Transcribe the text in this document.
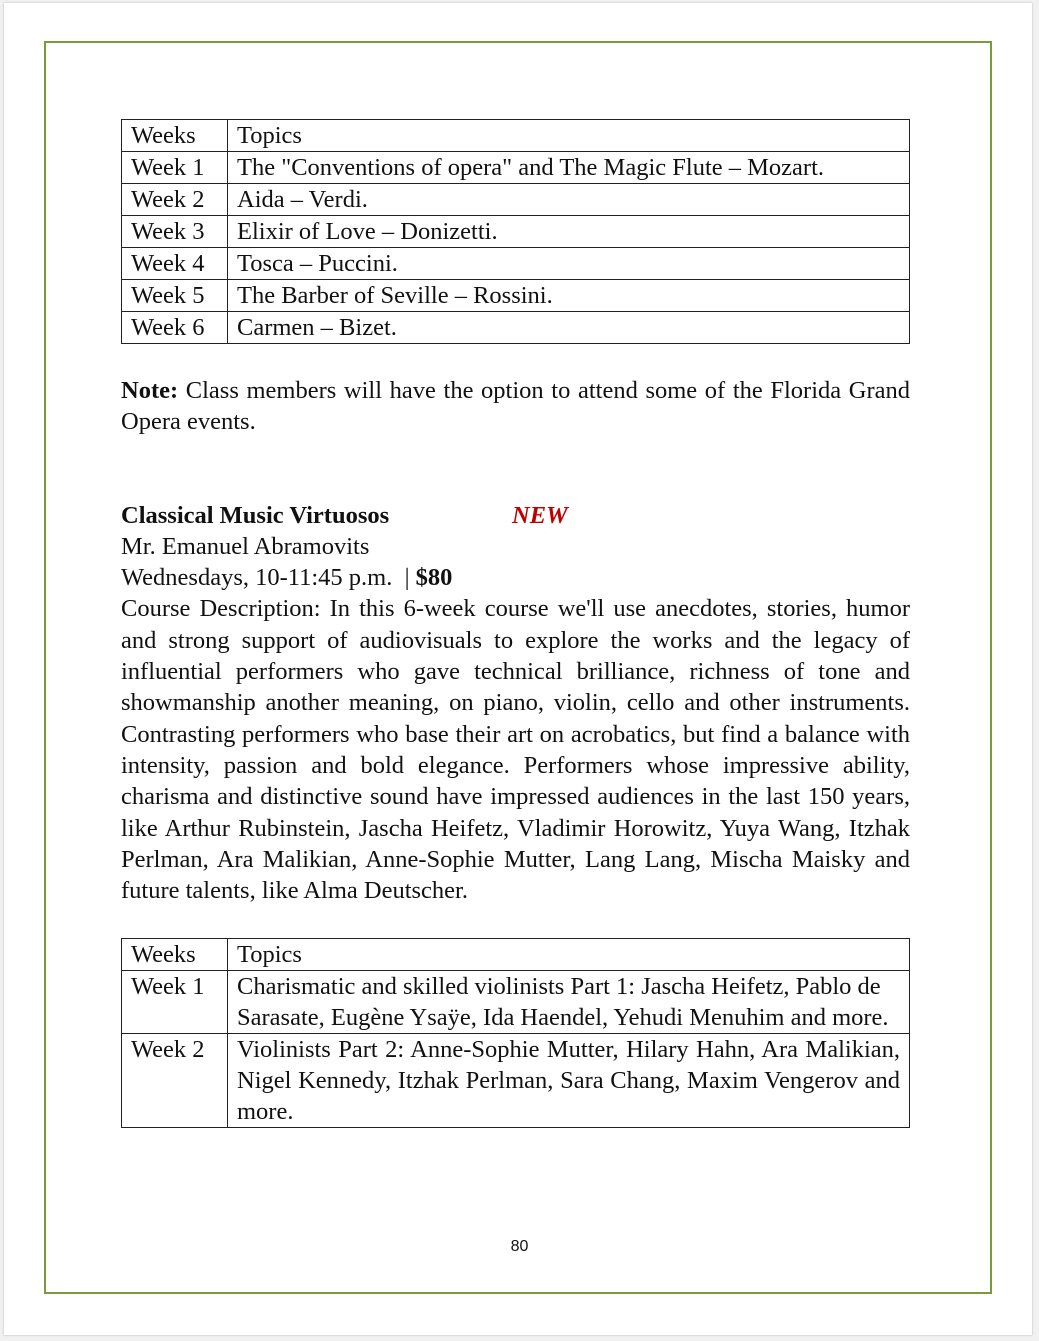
Weeks	Topics
Week 1	The "Conventions of opera" and The Magic Flute – Mozart.
Week 2	Aida – Verdi.
Week 3	Elixir of Love – Donizetti.
Week 4	Tosca – Puccini.
Week 5	The Barber of Seville – Rossini.
Week 6	Carmen – Bizet.

Note: Class members will have the option to attend some of the Florida Grand Opera events.

Classical Music Virtuosos	NEW
Mr. Emanuel Abramovits
Wednesdays, 10-11:45 p.m.  | $80
Course Description: In this 6-week course we'll use anecdotes, stories, humor and strong support of audiovisuals to explore the works and the legacy of influential performers who gave technical brilliance, richness of tone and showmanship another meaning, on piano, violin, cello and other instruments. Contrasting performers who base their art on acrobatics, but find a balance with intensity, passion and bold elegance. Performers whose impressive ability, charisma and distinctive sound have impressed audiences in the last 150 years, like Arthur Rubinstein, Jascha Heifetz, Vladimir Horowitz, Yuya Wang, Itzhak Perlman, Ara Malikian, Anne-Sophie Mutter, Lang Lang, Mischa Maisky and future talents, like Alma Deutscher.
Weeks	Topics
Week 1	Charismatic and skilled violinists Part 1: Jascha Heifetz, Pablo de Sarasate, Eugène Ysaÿe, Ida Haendel, Yehudi Menuhim and more.
Week 2	Violinists Part 2: Anne-Sophie Mutter, Hilary Hahn, Ara Malikian, Nigel Kennedy, Itzhak Perlman, Sara Chang, Maxim Vengerov and more.
80
